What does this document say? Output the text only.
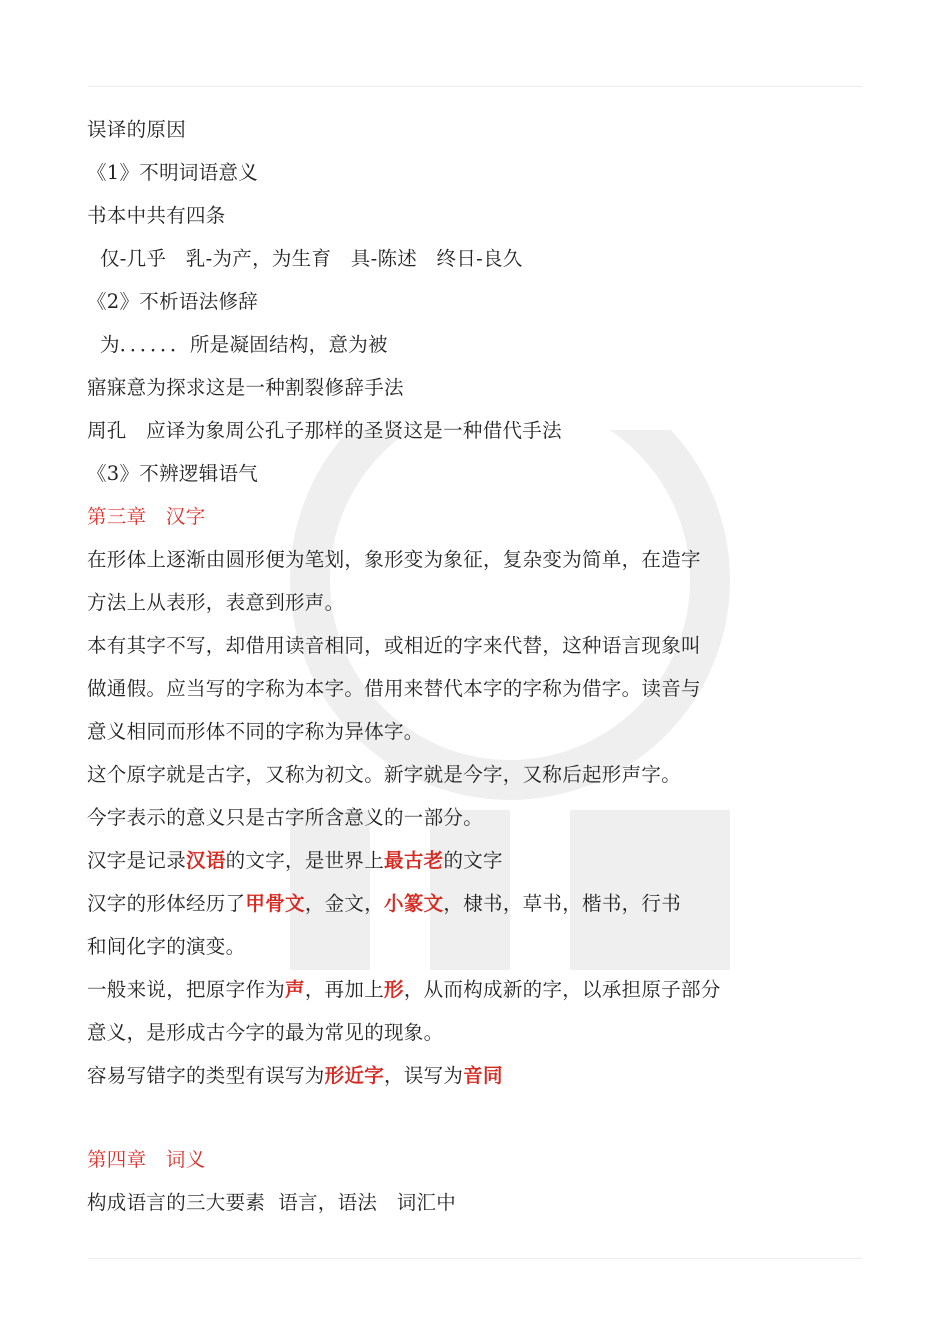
误译的原因
《1》不明词语意义
书本中共有四条
仅-几乎   乳-为产，为生育   具-陈述   终日-良久
《2》不析语法修辞
为．．．．．．所是凝固结构，意为被
寤寐意为探求这是一种割裂修辞手法
周孔   应译为象周公孔子那样的圣贤这是一种借代手法
《3》不辨逻辑语气
第三章   汉字
在形体上逐渐由圆形便为笔划，象形变为象征，复杂变为简单，在造字
方法上从表形，表意到形声。
本有其字不写，却借用读音相同，或相近的字来代替，这种语言现象叫
做通假。应当写的字称为本字。借用来替代本字的字称为借字。读音与
意义相同而形体不同的字称为异体字。
这个原字就是古字，又称为初文。新字就是今字，又称后起形声字。
今字表示的意义只是古字所含意义的一部分。
汉字是记录汉语的文字，是世界上最古老的文字
汉字的形体经历了甲骨文，金文，小篆文，棣书，草书，楷书，行书
和间化字的演变。
一般来说，把原字作为声，再加上形，从而构成新的字，以承担原子部分
意义，是形成古今字的最为常见的现象。
容易写错字的类型有误写为形近字，误写为音同
第四章   词义
构成语言的三大要素  语言，语法   词汇中
